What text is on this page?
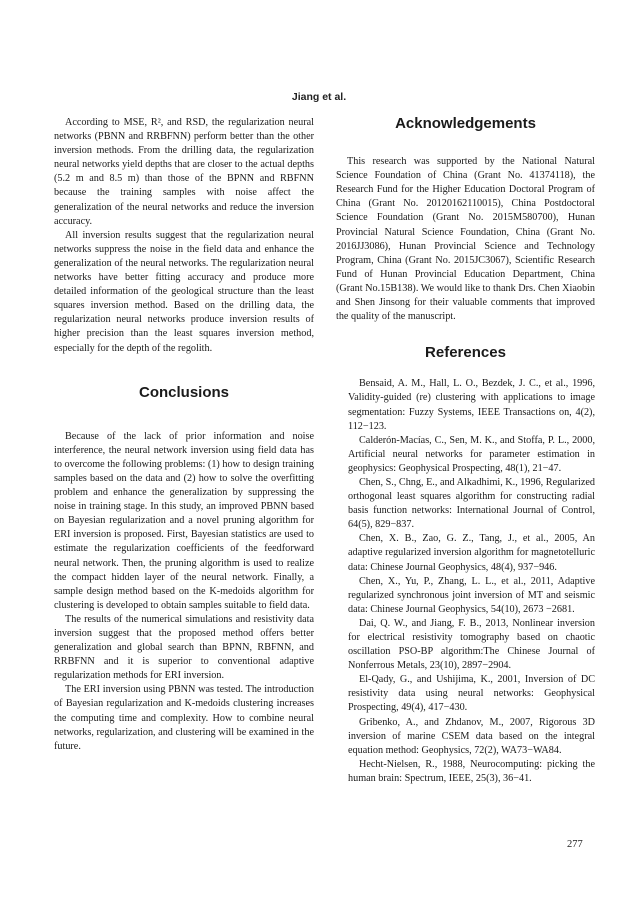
Jiang et al.

According to MSE, R², and RSD, the regularization neural networks (PBNN and RRBFNN) perform better than the other inversion methods. From the drilling data, the regularization neural networks yield depths that are closer to the actual depths (5.2 m and 8.5 m) than those of the BPNN and RBFNN because the training samples with noise affect the generalization of the neural networks and reduce the inversion accuracy.

All inversion results suggest that the regularization neural networks suppress the noise in the field data and enhance the generalization of the neural networks. The regularization neural networks have better fitting accuracy and produce more detailed information of the geological structure than the least squares inversion method. Based on the drilling data, the regularization neural networks produce inversion results of higher precision than the least squares inversion method, especially for the depth of the regolith.

Conclusions

Because of the lack of prior information and noise interference, the neural network inversion using field data has to overcome the following problems: (1) how to design training samples based on the data and (2) how to solve the overfitting problem and enhance the generalization by suppressing the noise in training stage. In this study, an improved PBNN based on Bayesian regularization and a novel pruning algorithm for ERI inversion is proposed. First, Bayesian statistics are used to estimate the regularization coefficients of the feedforward neural network. Then, the pruning algorithm is used to realize the compact hidden layer of the neural network. Finally, a sample design method based on the K-medoids algorithm for clustering is developed to obtain samples suitable to field data.

The results of the numerical simulations and resistivity data inversion suggest that the proposed method offers better generalization and global search than BPNN, RBFNN, and RRBFNN and it is superior to conventional adaptive regularization methods for ERI inversion.

The ERI inversion using PBNN was tested. The introduction of Bayesian regularization and K-medoids clustering increases the computing time and complexity. How to combine neural networks, regularization, and clustering will be examined in the future.

Acknowledgements

This research was supported by the National Natural Science Foundation of China (Grant No. 41374118), the Research Fund for the Higher Education Doctoral Program of China (Grant No. 20120162110015), China Postdoctoral Science Foundation (Grant No. 2015M580700), Hunan Provincial Natural Science Foundation, China (Grant No. 2016JJ3086), Hunan Provincial Science and Technology Program, China (Grant No. 2015JC3067), Scientific Research Fund of Hunan Provincial Education Department, China (Grant No.15B138). We would like to thank Drs. Chen Xiaobin and Shen Jinsong for their valuable comments that improved the quality of the manuscript.

References

Bensaid, A. M., Hall, L. O., Bezdek, J. C., et al., 1996, Validity-guided (re) clustering with applications to image segmentation: Fuzzy Systems, IEEE Transactions on, 4(2), 112−123.

Calderón-Macías, C., Sen, M. K., and Stoffa, P. L., 2000, Artificial neural networks for parameter estimation in geophysics: Geophysical Prospecting, 48(1), 21−47.

Chen, S., Chng, E., and Alkadhimi, K., 1996, Regularized orthogonal least squares algorithm for constructing radial basis function networks: International Journal of Control, 64(5), 829−837.

Chen, X. B., Zao, G. Z., Tang, J., et al., 2005, An adaptive regularized inversion algorithm for magnetotelluric data: Chinese Journal Geophysics, 48(4), 937−946.

Chen, X., Yu, P., Zhang, L. L., et al., 2011, Adaptive regularized synchronous joint inversion of MT and seismic data: Chinese Journal Geophysics, 54(10), 2673 −2681.

Dai, Q. W., and Jiang, F. B., 2013, Nonlinear inversion for electrical resistivity tomography based on chaotic oscillation PSO-BP algorithm:The Chinese Journal of Nonferrous Metals, 23(10), 2897−2904.

El-Qady, G., and Ushijima, K., 2001, Inversion of DC resistivity data using neural networks: Geophysical Prospecting, 49(4), 417−430.

Gribenko, A., and Zhdanov, M., 2007, Rigorous 3D inversion of marine CSEM data based on the integral equation method: Geophysics, 72(2), WA73−WA84.

Hecht-Nielsen, R., 1988, Neurocomputing: picking the human brain: Spectrum, IEEE, 25(3), 36−41.

277
